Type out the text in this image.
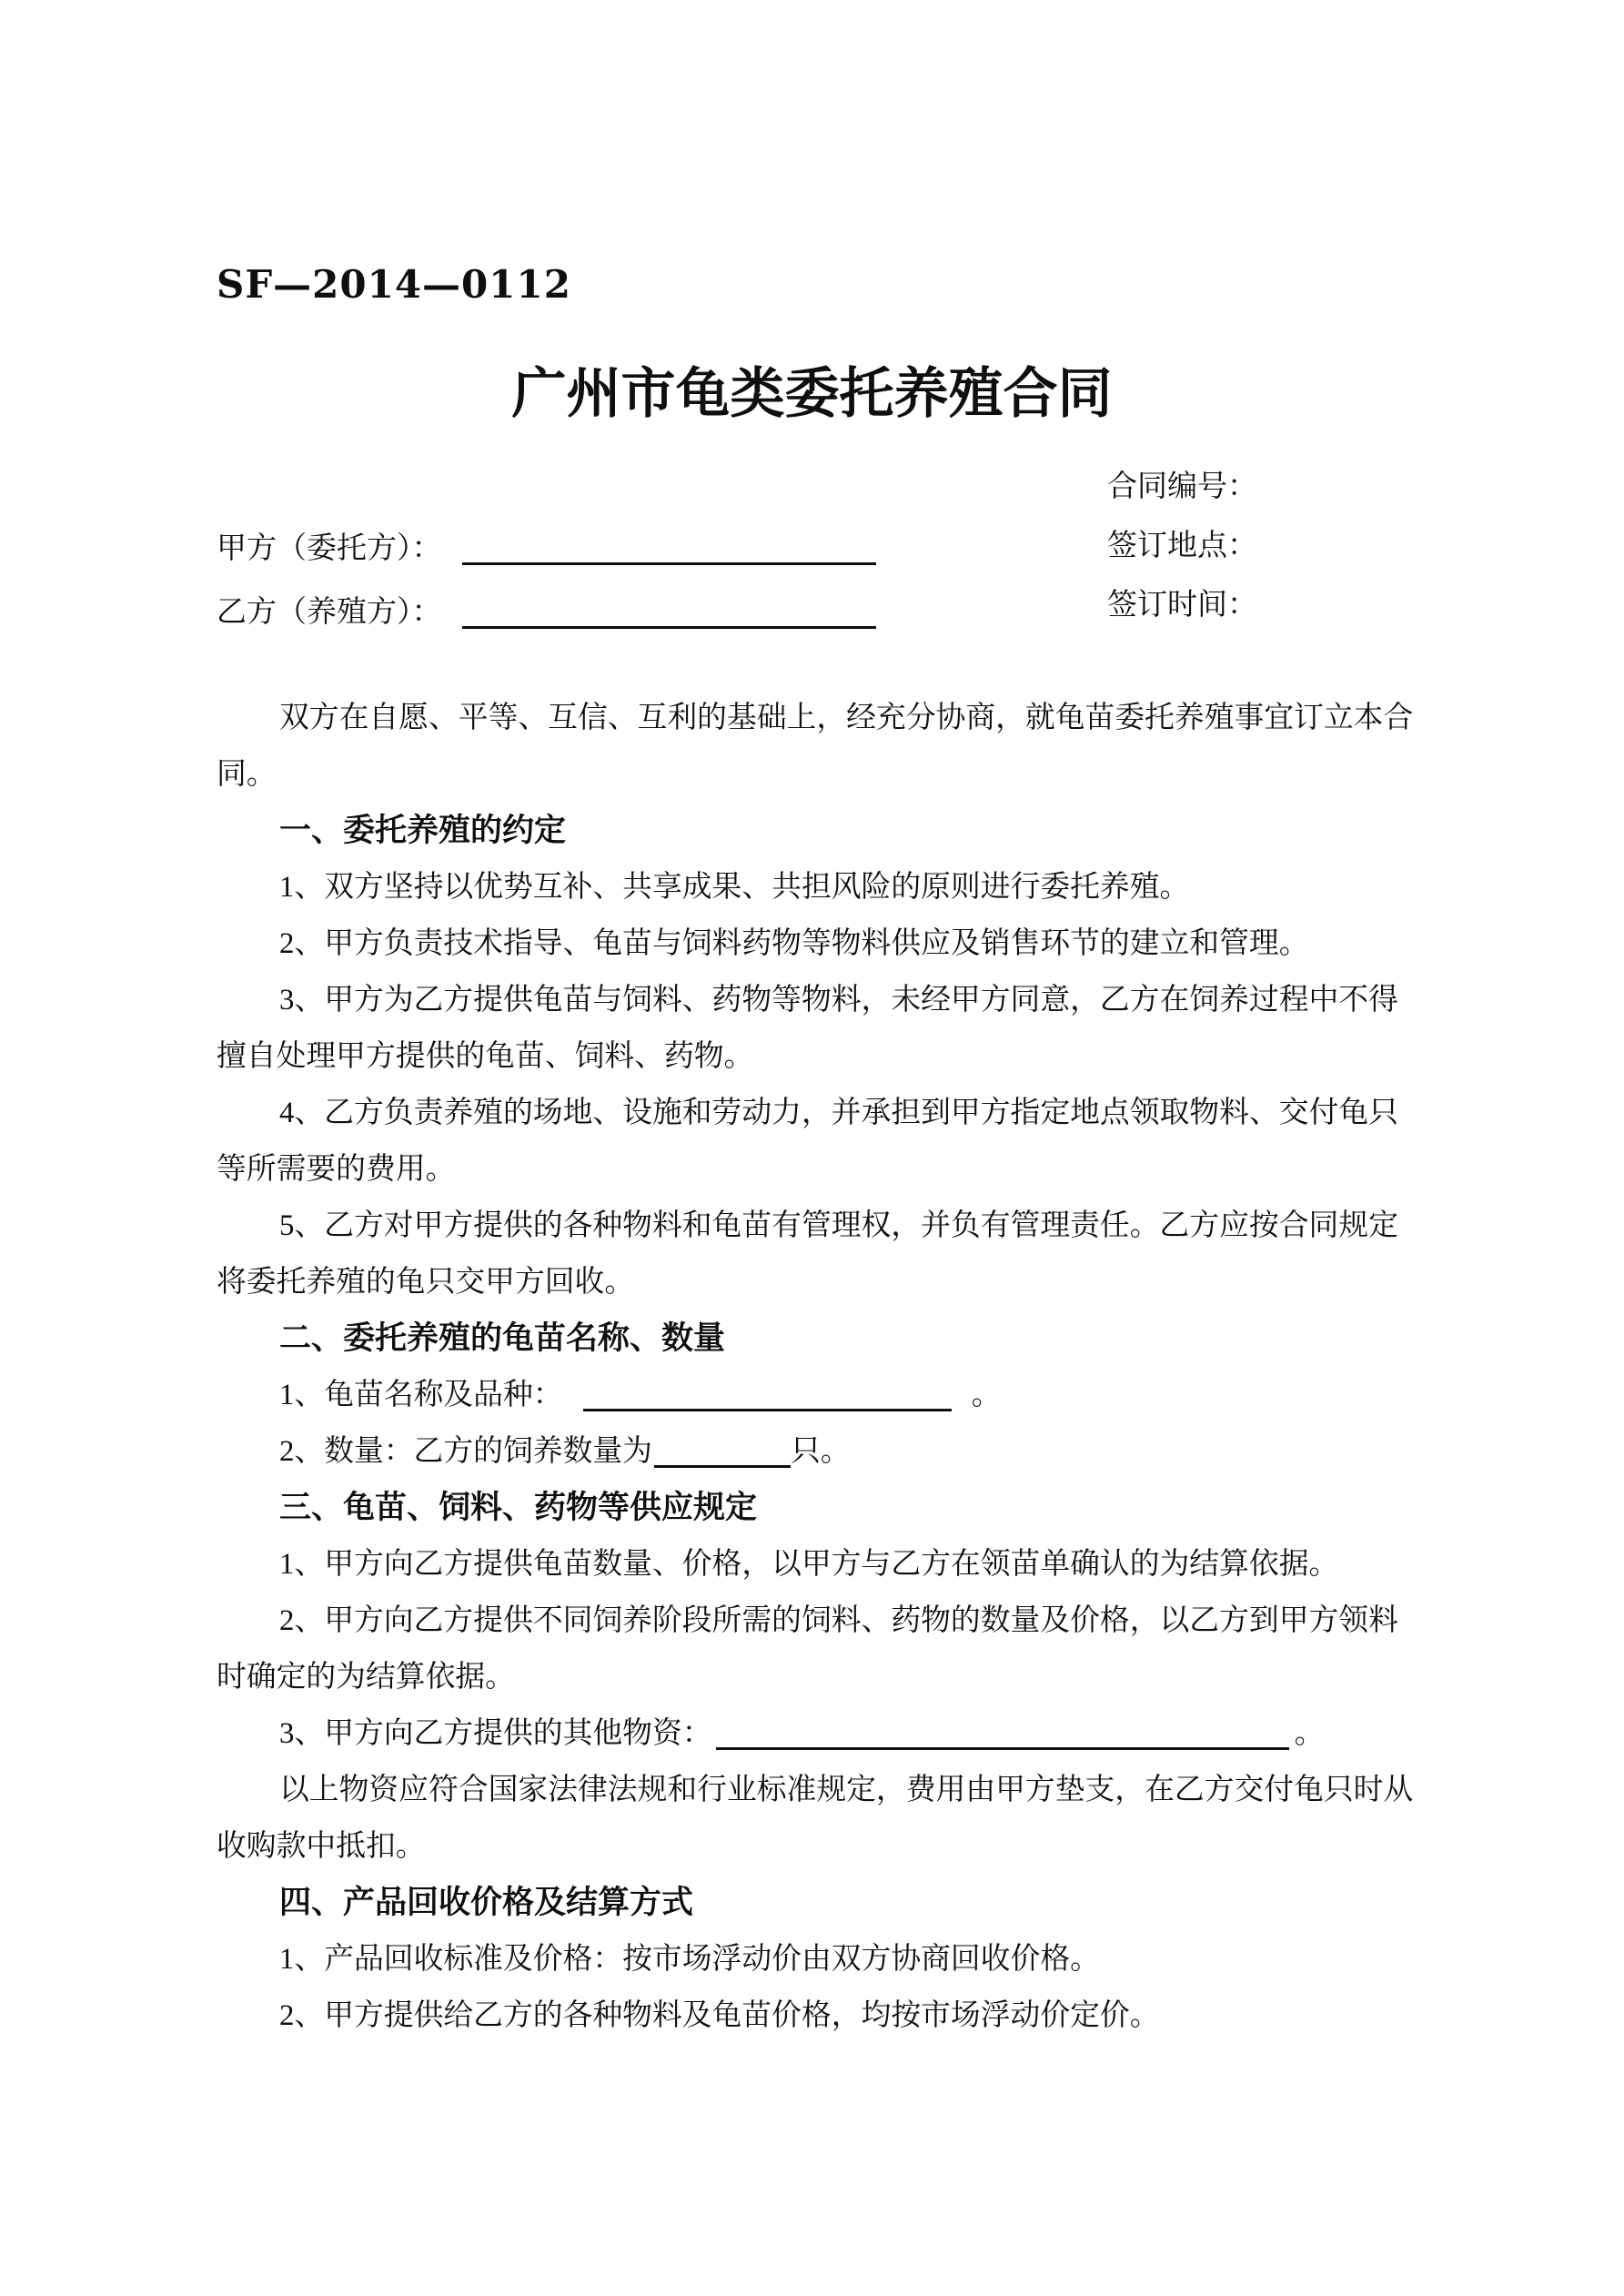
SF—2014—0112
广州市龟类委托养殖合同
合同编号：
签订地点：
签订时间：
甲方（委托方）：
乙方（养殖方）：
双方在自愿、平等、互信、互利的基础上，经充分协商，就龟苗委托养殖事宜订立本合
同。
一、委托养殖的约定
1、双方坚持以优势互补、共享成果、共担风险的原则进行委托养殖。
2、甲方负责技术指导、龟苗与饲料药物等物料供应及销售环节的建立和管理。
3、甲方为乙方提供龟苗与饲料、药物等物料，未经甲方同意，乙方在饲养过程中不得
擅自处理甲方提供的龟苗、饲料、药物。
4、乙方负责养殖的场地、设施和劳动力，并承担到甲方指定地点领取物料、交付龟只
等所需要的费用。
5、乙方对甲方提供的各种物料和龟苗有管理权，并负有管理责任。乙方应按合同规定
将委托养殖的龟只交甲方回收。
二、委托养殖的龟苗名称、数量
1、龟苗名称及品种：	。
2、数量：乙方的饲养数量为	只。
三、龟苗、饲料、药物等供应规定
1、甲方向乙方提供龟苗数量、价格，以甲方与乙方在领苗单确认的为结算依据。
2、甲方向乙方提供不同饲养阶段所需的饲料、药物的数量及价格，以乙方到甲方领料
时确定的为结算依据。
3、甲方向乙方提供的其他物资：	。
以上物资应符合国家法律法规和行业标准规定，费用由甲方垫支，在乙方交付龟只时从
收购款中抵扣。
四、产品回收价格及结算方式
1、产品回收标准及价格：按市场浮动价由双方协商回收价格。
2、甲方提供给乙方的各种物料及龟苗价格，均按市场浮动价定价。
